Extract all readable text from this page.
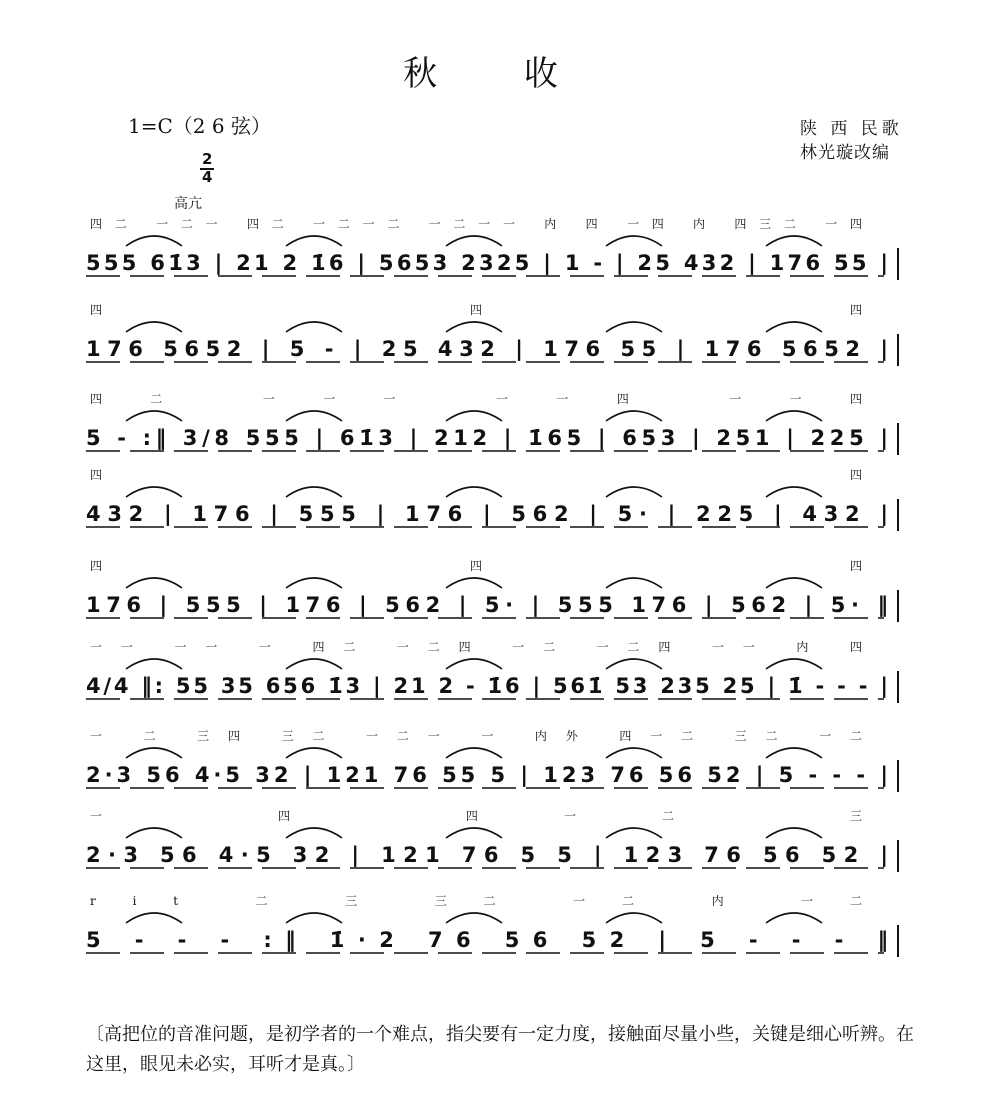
秋 收
1=C（2 6 弦）
2
4
高亢
陕 西 民歌
林光璇改编
四二 一二一 四二 一二一二 一二一一 内 四 一四 内 四三二 一四
555 61̇3 | 21 2 1̇6 | 5653 2325 | 1 - | 25 432 | 176 55 |
四 四 四
176 5652 | 5 - | 25 432 | 176 55 | 176 5652 |
四二 一一一 一一四 一一四
5 - :‖ 3/8 555 | 61̇3 | 212 | 1̇65 | 653 | 251 | 225 |
四 四
432 | 176 | 555 | 176 | 562 | 5· | 225 | 432 |
四 四 四
176 | 555 | 176 | 562 | 5· | 555 176 | 562 | 5· ‖
一一 一一 一 四二 一二四 一二 一二四 一一 内 四
4/4 ‖: 55 35 656 1̇3 | 21 2 - 1̇6 | 561̇ 53 235 25 | 1̇ - - - |
一 二 三四 三二 一二一 一 内外 四一二 三二 一二
2·3 56 4·5 32 | 121 76 55 5 | 123 76 56 52 | 5 - - - |
一 四 四一二 三
2·3 56 4·5 32 | 121 76 5 5 | 123 76 56 52 |
rit 二 三 三二 一二 内 一二
5 - - - :‖ 1̇·2 76 56 52 | 5 - - - ‖
〔高把位的音准问题，是初学者的一个难点，指尖要有一定力度，接触面尽量小些，关键是细心听辨。在这里，眼见未必实，耳听才是真。〕
